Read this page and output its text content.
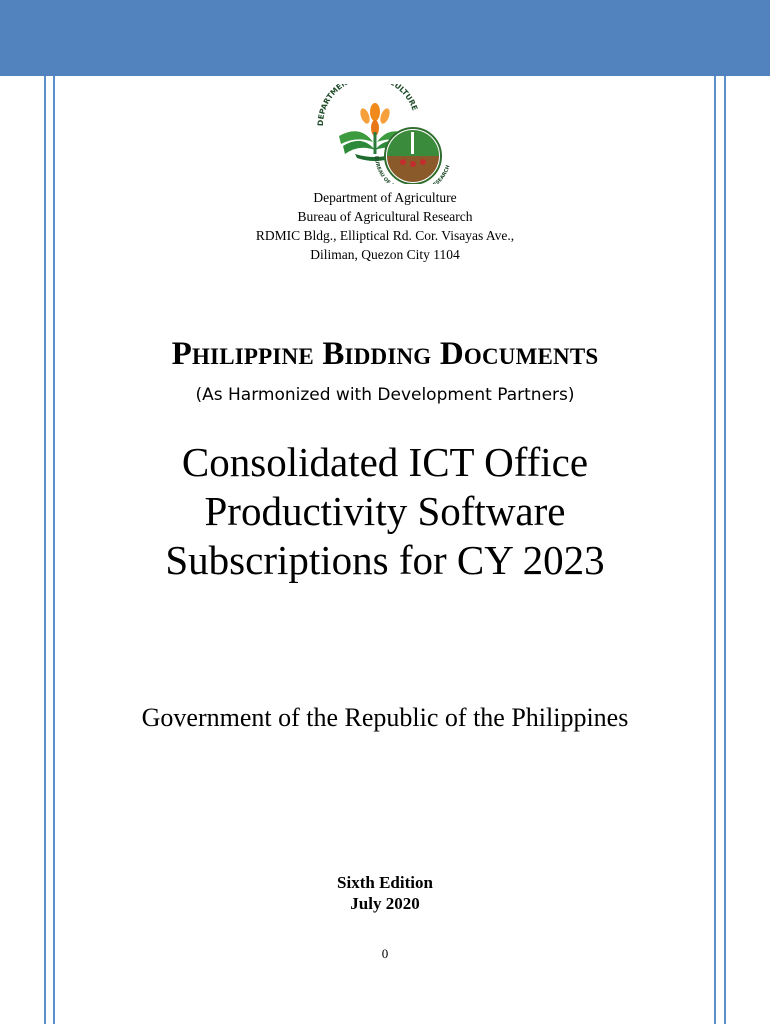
DEPARTME ULTURE
BUREAU OF SEARCH
Department of Agriculture
Bureau of Agricultural Research
RDMIC Bldg., Elliptical Rd. Cor. Visayas Ave.,
Diliman, Quezon City 1104
Philippine Bidding Documents
(As Harmonized with Development Partners)
Consolidated ICT Office
Productivity Software
Subscriptions for CY 2023
Government of the Republic of the Philippines
Sixth Edition
July 2020
0
